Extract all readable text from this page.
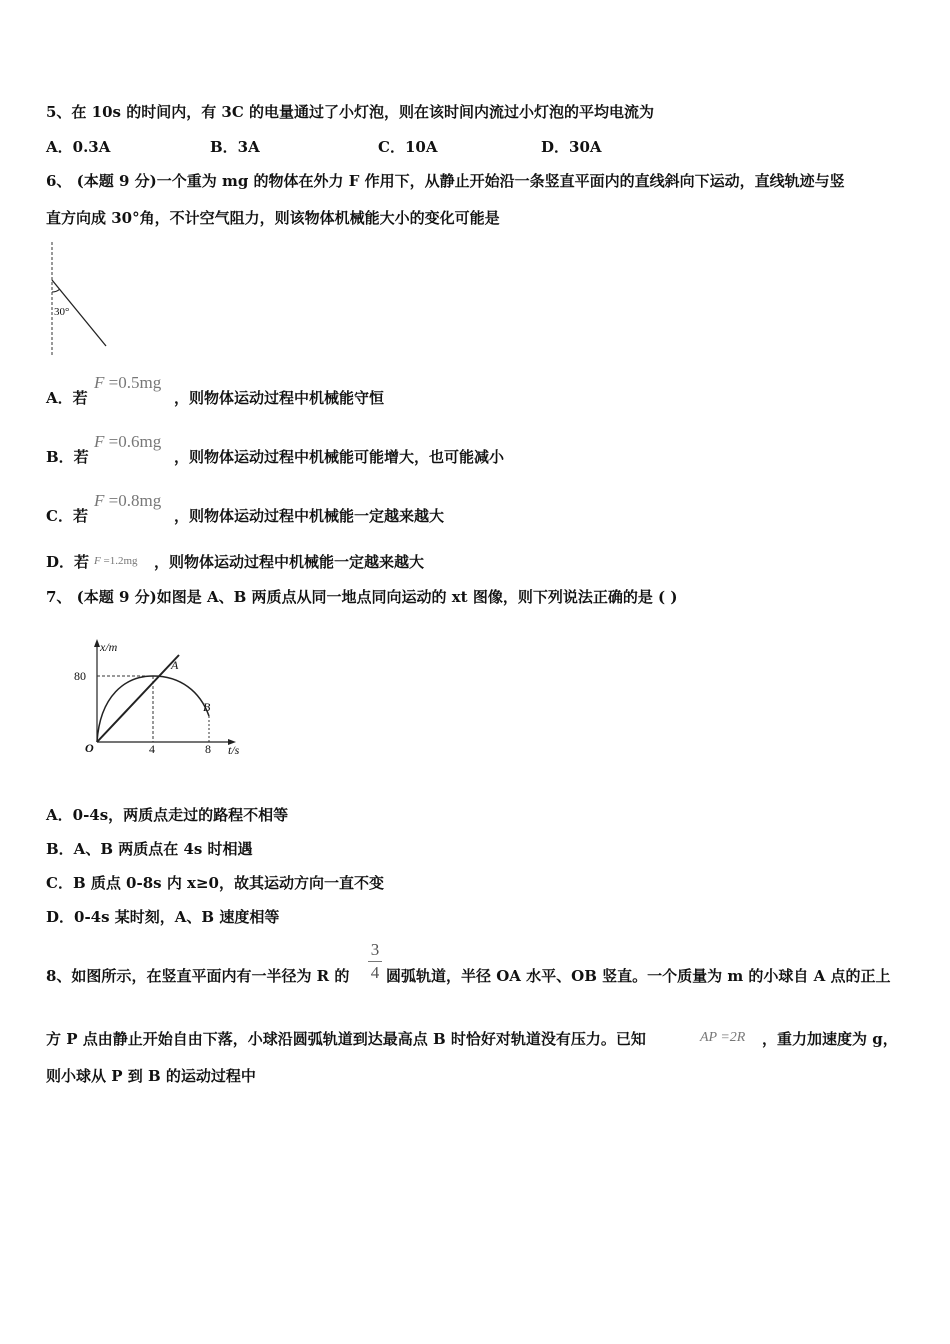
5、在 10s 的时间内，有 3C 的电量通过了小灯泡，则在该时间内流过小灯泡的平均电流为
A．0.3A	B．3A	C．10A	D．30A
6、 (本题 9 分)一个重为 mg 的物体在外力 F 作用下，从静止开始沿一条竖直平面内的直线斜向下运动，直线轨迹与竖
直方向成 30°角，不计空气阻力，则该物体机械能大小的变化可能是
30°
A．若
F =0.5mg
，则物体运动过程中机械能守恒
B．若
F =0.6mg
，则物体运动过程中机械能可能增大，也可能减小
C．若
F =0.8mg
，则物体运动过程中机械能一定越来越大
D．若 F =1.2mg ，则物体运动过程中机械能一定越来越大
7、 (本题 9 分)如图是 A、B 两质点从同一地点同向运动的 xt 图像，则下列说法正确的是 ( )
x/m
80
A
B
O	4	8 t/s
A．0-4s，两质点走过的路程不相等
B．A、B 两质点在 4s 时相遇
C．B 质点 0-8s 内 x≥0，故其运动方向一直不变
D．0-4s 某时刻，A、B 速度相等
8、如图所示，在竖直平面内有一半径为 R 的
3
4 圆弧轨道，半径 OA 水平、OB 竖直。一个质量为 m 的小球自 A 点的正上
方 P 点由静止开始自由下落，小球沿圆弧轨道到达最高点 B 时恰好对轨道没有压力。已知	AP =2R ，重力加速度为 g，
则小球从 P 到 B 的运动过程中
